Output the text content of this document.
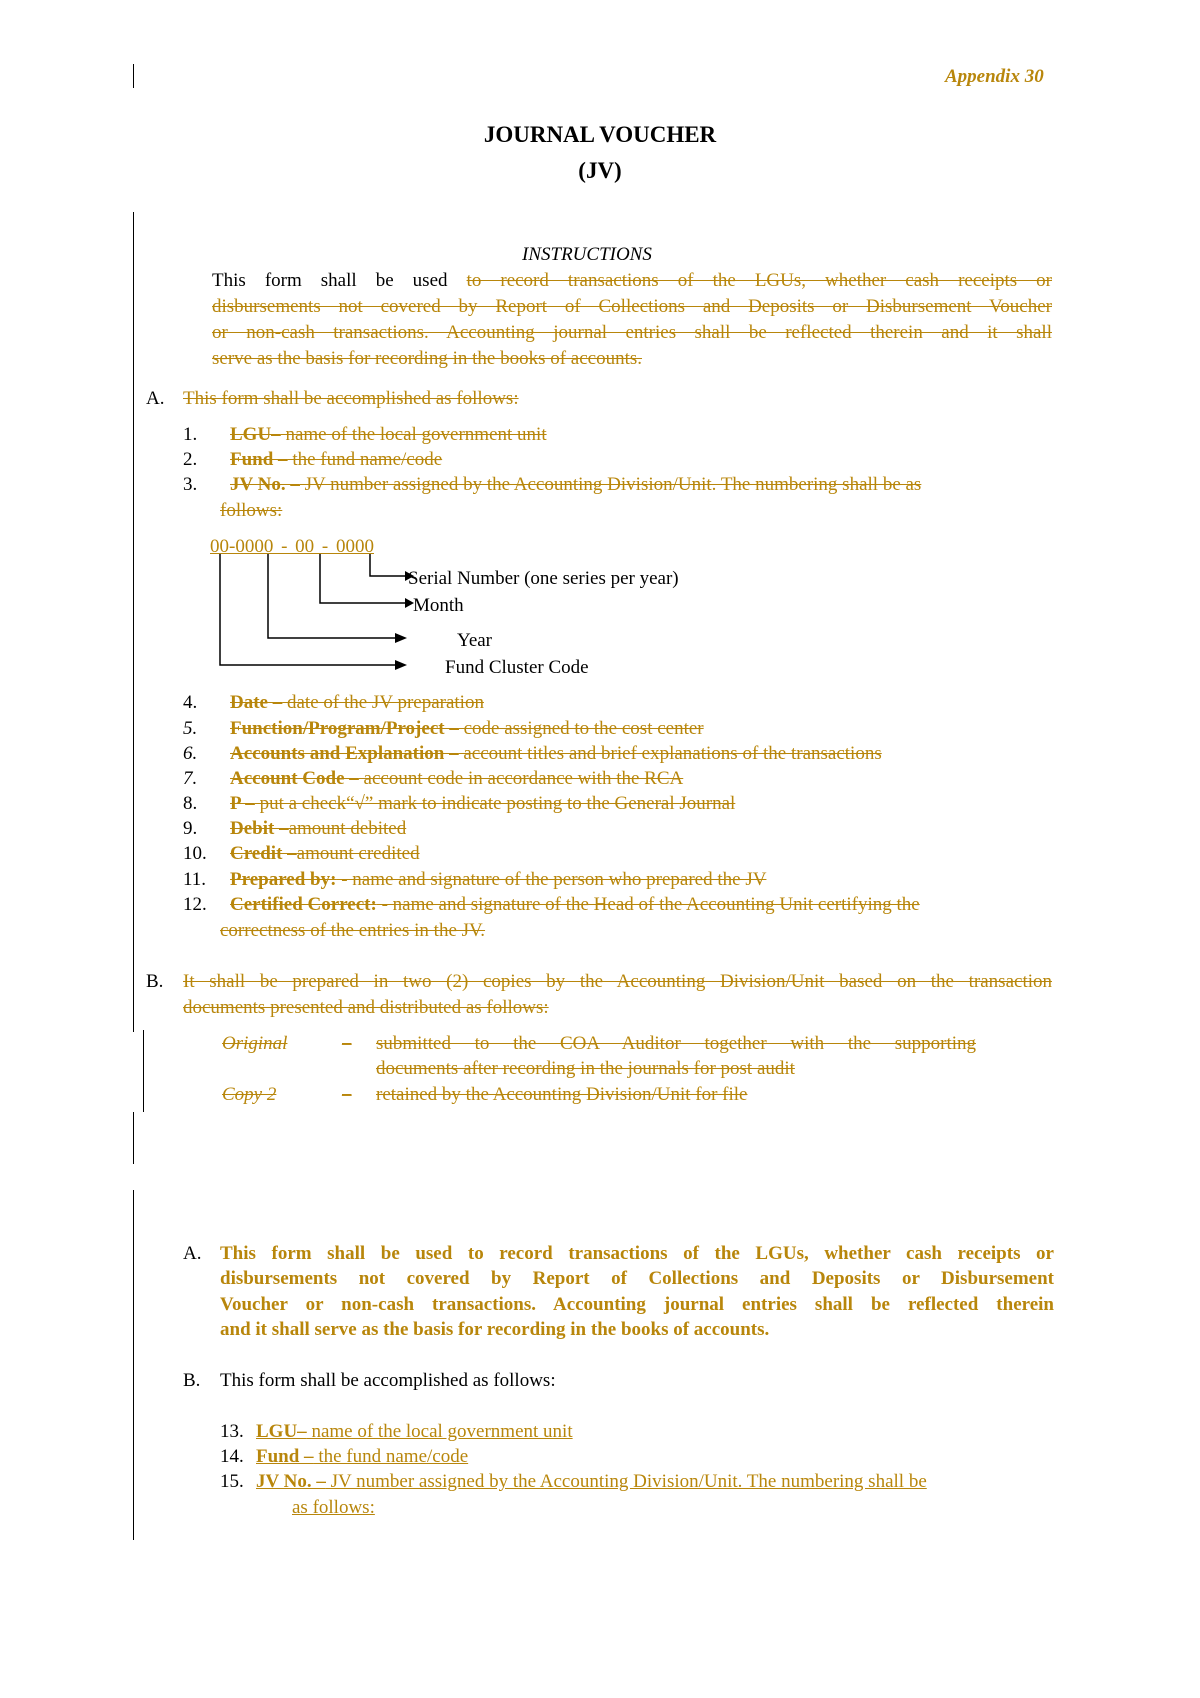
Appendix 30
JOURNAL VOUCHER
(JV)
INSTRUCTIONS
This form shall be used to record transactions of the LGUs, whether cash receipts or
disbursements not covered by Report of Collections and Deposits or Disbursement Voucher
or non-cash transactions. Accounting journal entries shall be reflected therein and it shall
serve as the basis for recording in the books of accounts.
A. This form shall be accomplished as follows:
1.	LGU– name of the local government unit
2.	Fund – the fund name/code
3.	JV No. – JV number assigned by the Accounting Division/Unit. The numbering shall be as
follows:
00-0000 - 00 - 0000
Serial Number (one series per year)
Month
Year
Fund Cluster Code
4.	Date – date of the JV preparation
5.	Function/Program/Project – code assigned to the cost center
6.	Accounts and Explanation – account titles and brief explanations of the transactions
7.	Account Code – account code in accordance with the RCA
8.	P – put a check“√” mark to indicate posting to the General Journal
9.	Debit –amount debited
10.	Credit –amount credited
11.	Prepared by: - name and signature of the person who prepared the JV
12.	Certified Correct: - name and signature of the Head of the Accounting Unit certifying the
correctness of the entries in the JV.
B. It shall be prepared in two (2) copies by the Accounting Division/Unit based on the transaction
documents presented and distributed as follows:
Original	– submitted to the COA Auditor together with the supporting
documents after recording in the journals for post audit
Copy 2	– retained by the Accounting Division/Unit for file
A. This form shall be used to record transactions of the LGUs, whether cash receipts or
disbursements not covered by Report of Collections and Deposits or Disbursement
Voucher or non-cash transactions. Accounting journal entries shall be reflected therein
and it shall serve as the basis for recording in the books of accounts.
B. This form shall be accomplished as follows:
13. LGU– name of the local government unit
14. Fund – the fund name/code
15. JV No. – JV number assigned by the Accounting Division/Unit. The numbering shall be
as follows:
